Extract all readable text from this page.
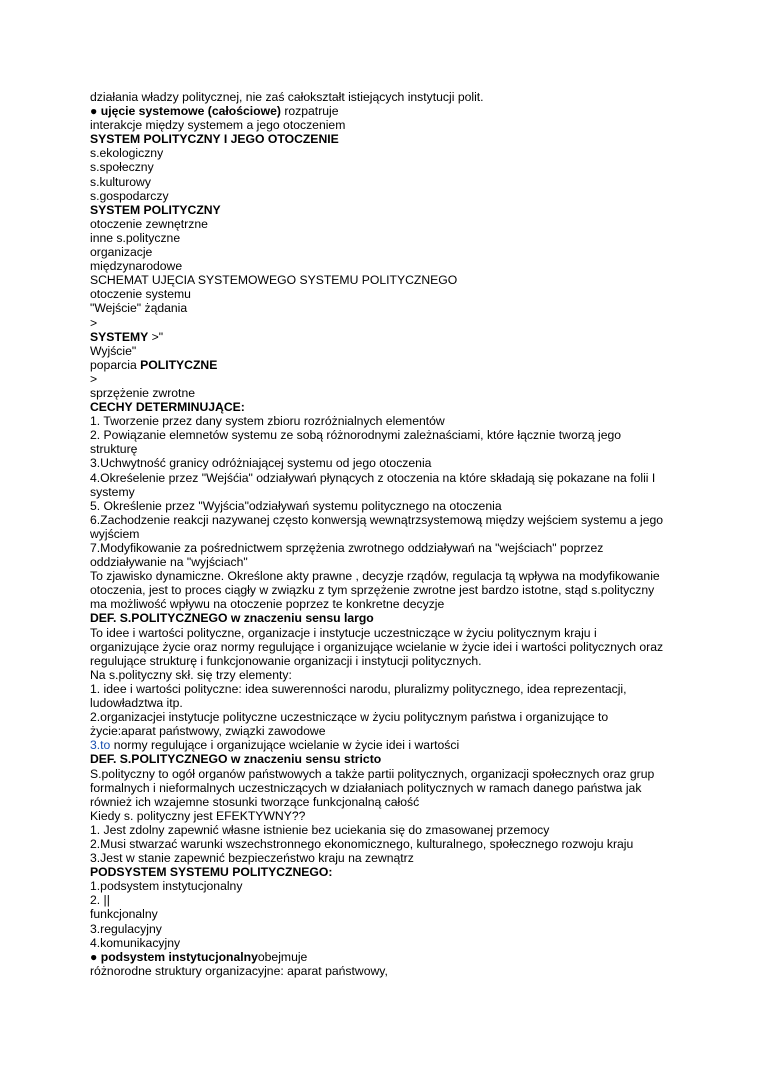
działania władzy politycznej, nie zaś całokształt istiejących instytucji polit.
● ujęcie systemowe (całościowe) rozpatruje
interakcje między systemem a jego otoczeniem
SYSTEM POLITYCZNY I JEGO OTOCZENIE
s.ekologiczny
s.społeczny
s.kulturowy
s.gospodarczy
SYSTEM POLITYCZNY
otoczenie zewnętrzne
inne s.polityczne
organizacje
międzynarodowe
SCHEMAT UJĘCIA SYSTEMOWEGO SYSTEMU POLITYCZNEGO
otoczenie systemu
"Wejście" żądania
>
SYSTEMY >"
Wyjście"
poparcia POLITYCZNE
>
sprzężenie zwrotne
CECHY DETERMINUJĄCE:
1. Tworzenie przez dany system zbioru rozróżnialnych elementów
2. Powiązanie elemnetów systemu ze sobą różnorodnymi zależnaściami, które łącznie tworzą jego strukturę
3.Uchwytność granicy odróżniającej systemu od jego otoczenia
4.Okreśelenie przez "Wejśćia" odziaływań płynących z otoczenia na które składają się pokazane na folii I systemy
5. Określenie przez "Wyjścia"odziaływań systemu politycznego na otoczenia
6.Zachodzenie reakcji nazywanej często konwersją wewnątrzsystemową między wejściem systemu a jego wyjściem
7.Modyfikowanie za pośrednictwem sprzężenia zwrotnego oddziaływań na "wejściach" poprzez oddziaływanie na "wyjściach"
To zjawisko dynamiczne. Określone akty prawne , decyzje rządów, regulacja tą wpływa na modyfikowanie otoczenia, jest to proces ciągły w związku z tym sprzężenie zwrotne jest bardzo istotne, stąd s.polityczny ma możliwość wpływu na otoczenie poprzez te konkretne decyzje
DEF. S.POLITYCZNEGO w znaczeniu sensu largo
To idee i wartości polityczne, organizacje i instytucje uczestniczące w życiu politycznym kraju i organizujące życie oraz normy regulujące i organizujące wcielanie w życie idei i wartości politycznych oraz regulujące strukturę i funkcjonowanie organizacji i instytucji politycznych.
Na s.polityczny skł. się trzy elementy:
1. idee i wartości polityczne: idea suwerenności narodu, pluralizmy politycznego, idea reprezentacji, ludowładztwa itp.
2.organizacjei instytucje polityczne uczestniczące w życiu politycznym państwa i organizujące to życie:aparat państwowy, związki zawodowe
3.to normy regulujące i organizujące wcielanie w życie idei i wartości
DEF. S.POLITYCZNEGO w znaczeniu sensu stricto
S.polityczny to ogół organów państwowych a także partii politycznych, organizacji społecznych oraz grup formalnych i nieformalnych uczestniczących w działaniach politycznych w ramach danego państwa jak również ich wzajemne stosunki tworzące funkcjonalną całość
Kiedy s. polityczny jest EFEKTYWNY??
1. Jest zdolny zapewnić własne istnienie bez uciekania się do zmasowanej przemocy
2.Musi stwarzać warunki wszechstronnego ekonomicznego, kulturalnego, społecznego rozwoju kraju
3.Jest w stanie zapewnić bezpieczeństwo kraju na zewnątrz
PODSYSTEM SYSTEMU POLITYCZNEGO:
1.podsystem instytucjonalny
2. ||
funkcjonalny
3.regulacyjny
4.komunikacyjny
● podsystem instytucjonalnyobejmuje
różnorodne struktury organizacyjne: aparat państwowy,
